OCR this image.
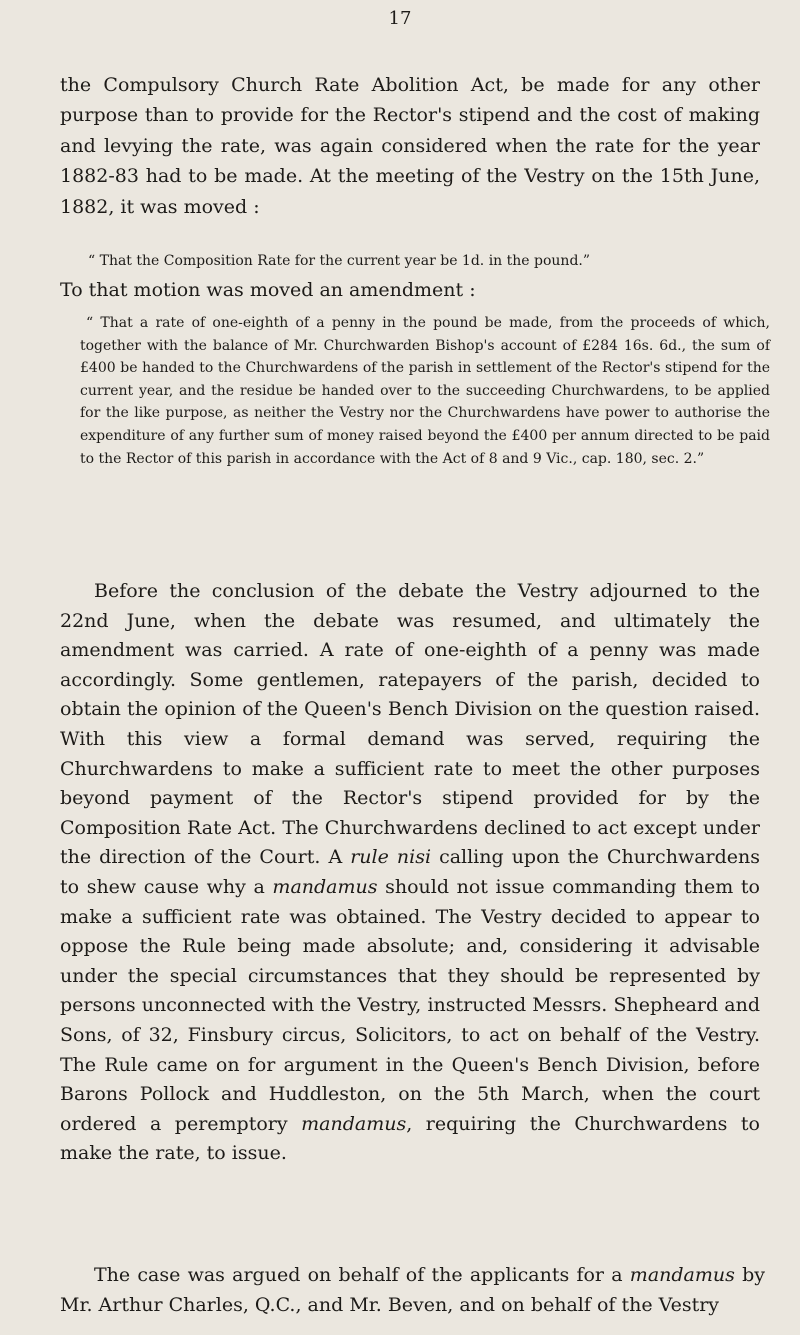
17

the Compulsory Church Rate Abolition Act, be made for any other purpose than to provide for the Rector's stipend and the cost of making and levying the rate, was again considered when the rate for the year 1882-83 had to be made. At the meeting of the Vestry on the 15th June, 1882, it was moved :

“ That the Composition Rate for the current year be 1d. in the pound.”

To that motion was moved an amendment :

“ That a rate of one-eighth of a penny in the pound be made, from the proceeds of which, together with the balance of Mr. Churchwarden Bishop's account of £284 16s. 6d., the sum of £400 be handed to the Churchwardens of the parish in settlement of the Rector's stipend for the current year, and the residue be handed over to the succeeding Churchwardens, to be applied for the like purpose, as neither the Vestry nor the Churchwardens have power to authorise the expenditure of any further sum of money raised beyond the £400 per annum directed to be paid to the Rector of this parish in accordance with the Act of 8 and 9 Vic., cap. 180, sec. 2.”

Before the conclusion of the debate the Vestry adjourned to the 22nd June, when the debate was resumed, and ultimately the amendment was carried. A rate of one-eighth of a penny was made accordingly. Some gentlemen, ratepayers of the parish, decided to obtain the opinion of the Queen's Bench Division on the question raised. With this view a formal demand was served, requiring the Churchwardens to make a sufficient rate to meet the other purposes beyond payment of the Rector's stipend provided for by the Composition Rate Act. The Churchwardens declined to act except under the direction of the Court. A rule nisi calling upon the Churchwardens to shew cause why a mandamus should not issue commanding them to make a sufficient rate was obtained. The Vestry decided to appear to oppose the Rule being made absolute; and, considering it advisable under the special circumstances that they should be represented by persons unconnected with the Vestry, instructed Messrs. Shepheard and Sons, of 32, Finsbury circus, Solicitors, to act on behalf of the Vestry. The Rule came on for argument in the Queen's Bench Division, before Barons Pollock and Huddleston, on the 5th March, when the court ordered a peremptory mandamus, requiring the Churchwardens to make the rate, to issue.

The case was argued on behalf of the applicants for a mandamus by Mr. Arthur Charles, Q.C., and Mr. Beven, and on behalf of the Vestry
